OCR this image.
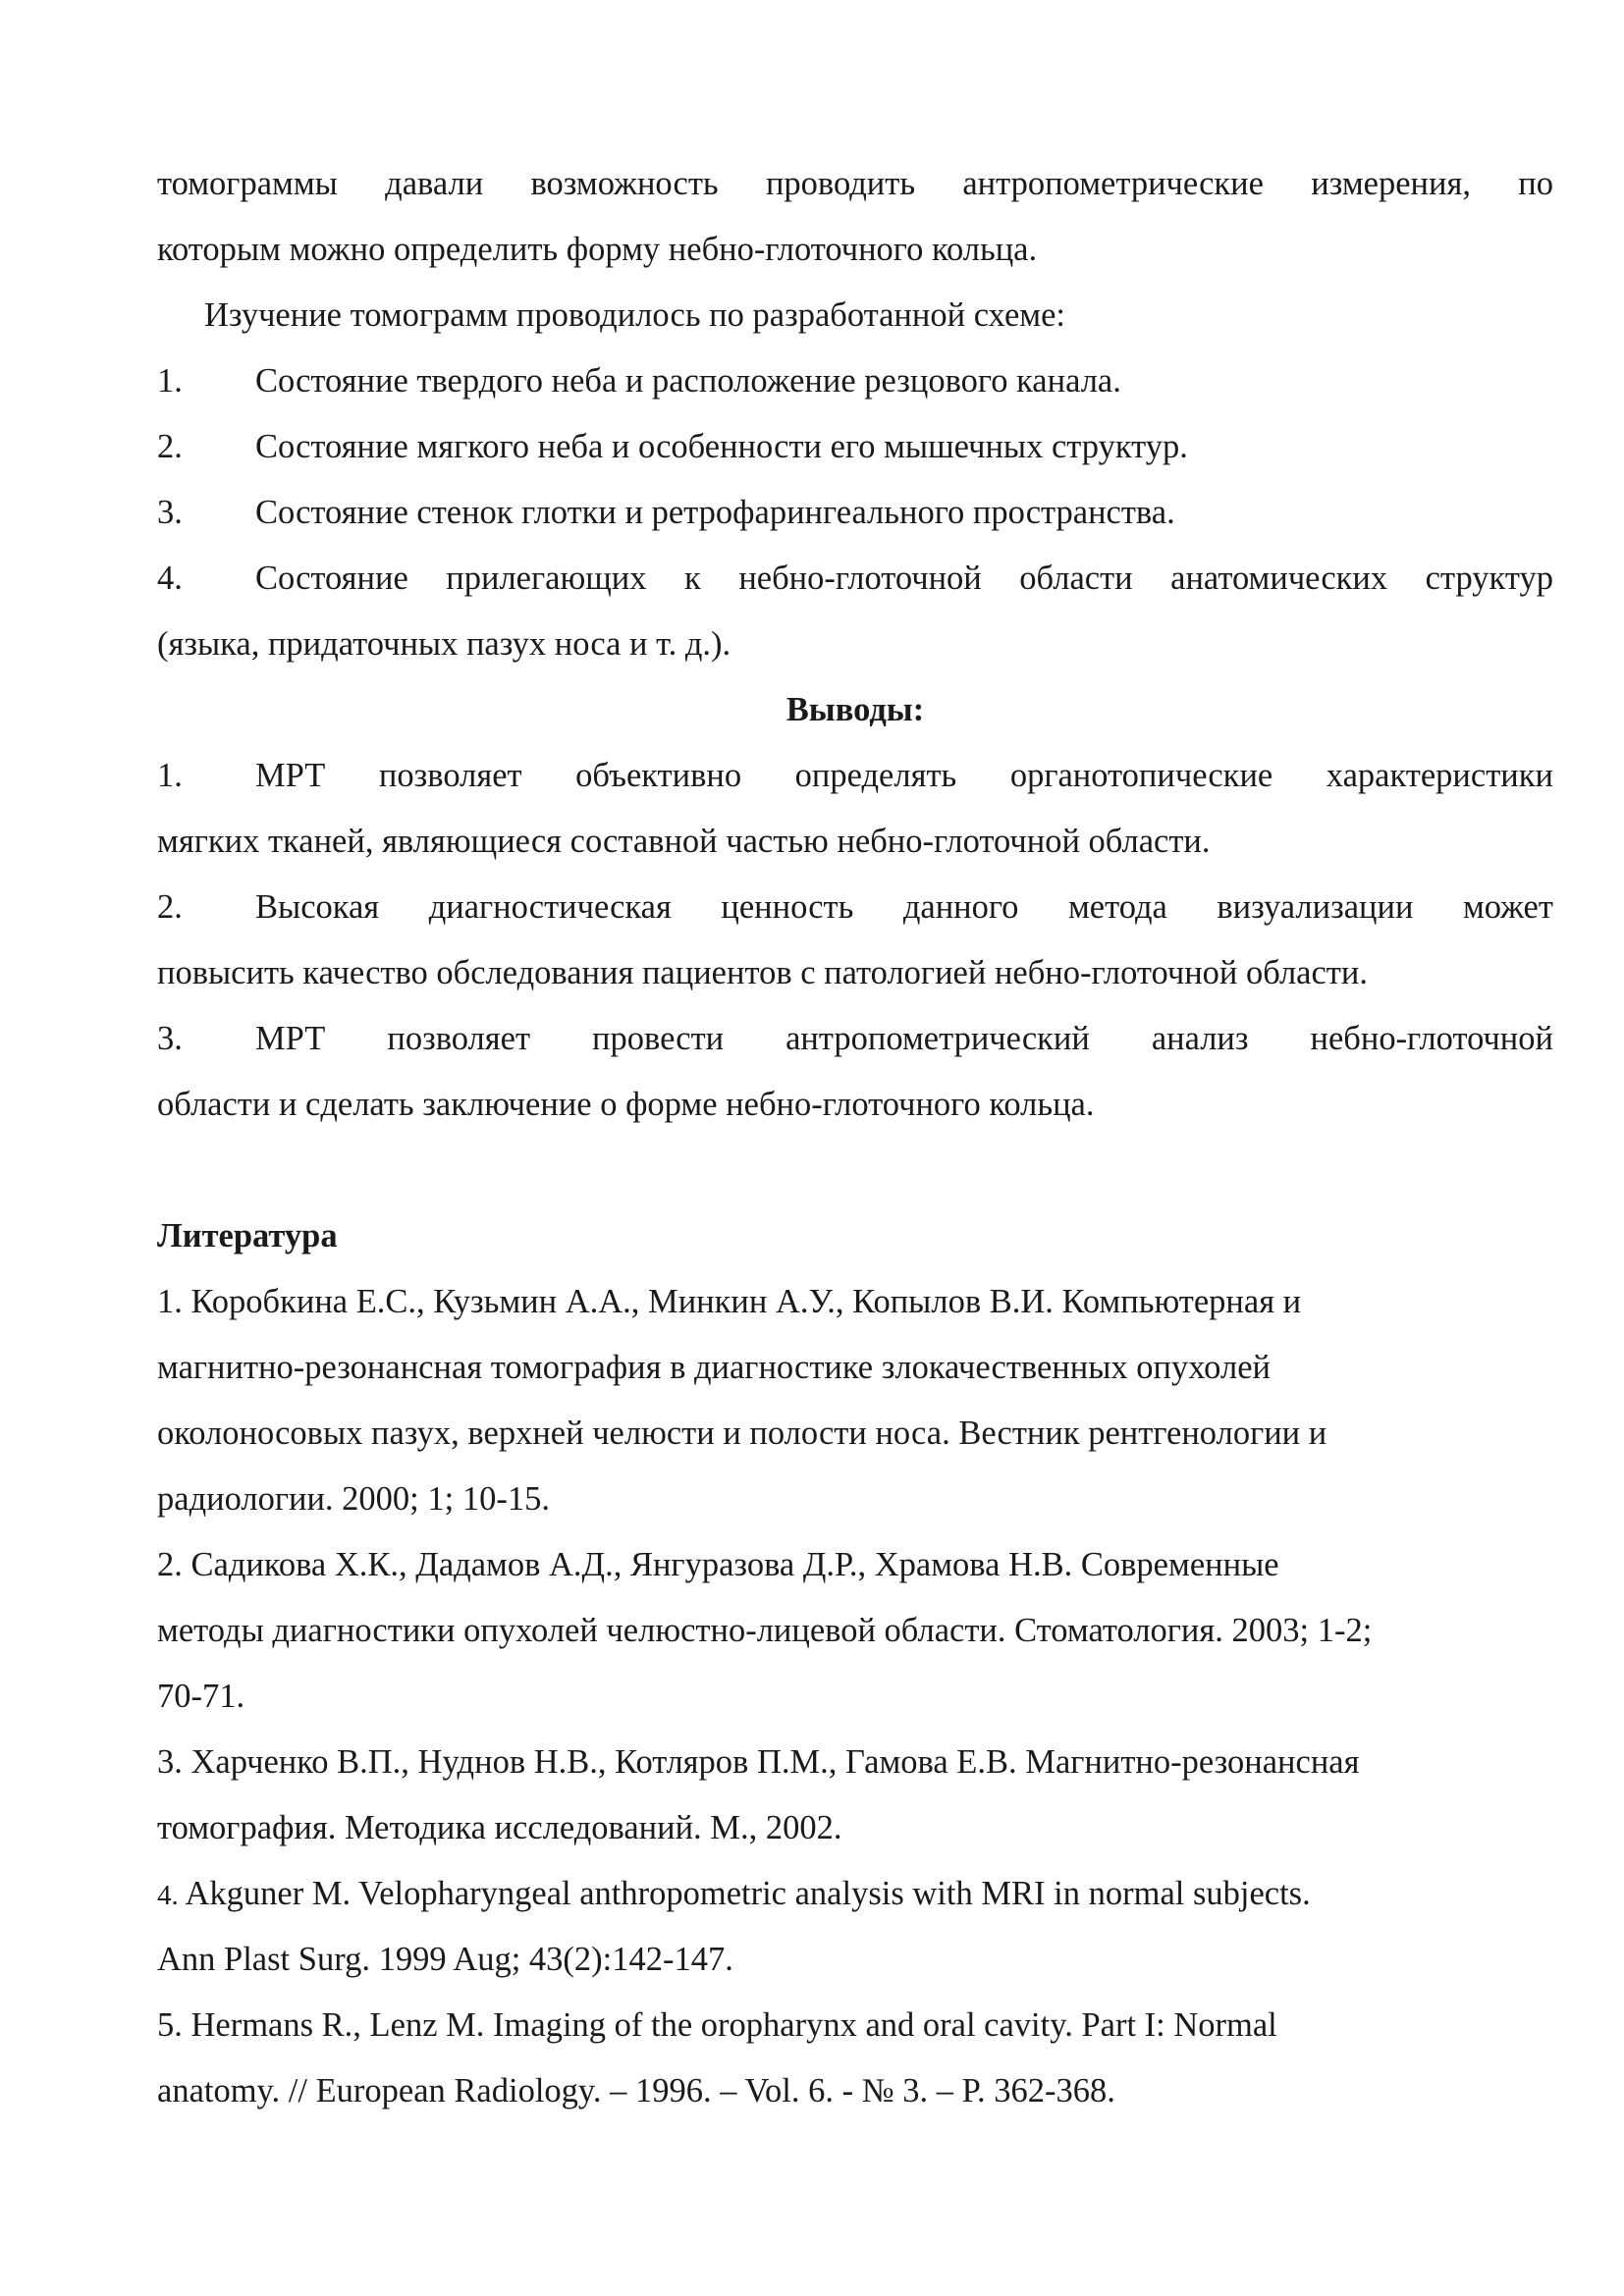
томограммы давали возможность проводить антропометрические измерения, по
которым можно определить форму небно-глоточного кольца.
Изучение томограмм проводилось по разработанной схеме:
1.	Состояние твердого неба и расположение резцового канала.
2.	Состояние мягкого неба и особенности его мышечных структур.
3.	Состояние стенок глотки и ретрофарингеального пространства.
4.	Состояние прилегающих к небно-глоточной области анатомических структур
(языка, придаточных пазух носа и т. д.).
Выводы:
1.	МРТ позволяет объективно определять органотопические характеристики
мягких тканей, являющиеся составной частью небно-глоточной области.
2.	Высокая диагностическая ценность данного метода визуализации может
повысить качество обследования пациентов с патологией небно-глоточной области.
3.	МРТ позволяет провести антропометрический анализ небно-глоточной
области и сделать заключение о форме небно-глоточного кольца.
Литература
1. Коробкина Е.С., Кузьмин А.А., Минкин А.У., Копылов В.И. Компьютерная и
магнитно-резонансная томография в диагностике злокачественных опухолей
околоносовых пазух, верхней челюсти и полости носа. Вестник рентгенологии и
радиологии. 2000; 1; 10-15.
2. Садикова Х.К., Дадамов А.Д., Янгуразова Д.Р., Храмова Н.В. Современные
методы диагностики опухолей челюстно-лицевой области. Стоматология. 2003; 1-2;
70-71.
3. Харченко В.П., Нуднов Н.В., Котляров П.М., Гамова Е.В. Магнитно-резонансная
томография. Методика исследований. М., 2002.
4. Akguner M. Velopharyngeal anthropometric analysis with MRI in normal subjects.
Ann Plast Surg. 1999 Aug; 43(2):142-147.
5. Hermans R., Lenz M. Imaging of the oropharynx and oral cavity. Part I: Normal
anatomy. // European Radiology. – 1996. – Vol. 6. - № 3. – P. 362-368.
